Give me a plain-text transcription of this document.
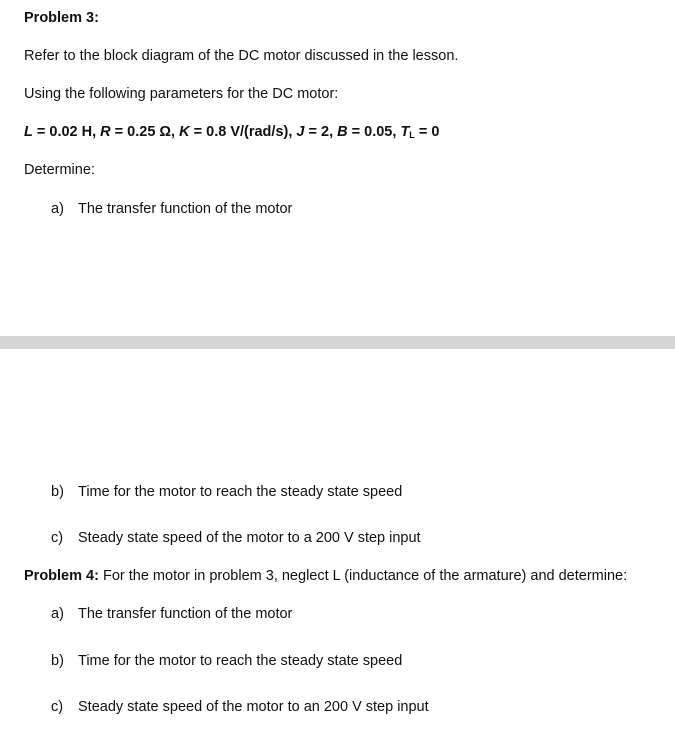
Problem 3:
Refer to the block diagram of the DC motor discussed in the lesson.
Using the following parameters for the DC motor:
L = 0.02 H, R = 0.25 Ω, K = 0.8 V/(rad/s), J = 2, B = 0.05, $T_L = 0$
Determine:
a) The transfer function of the motor
b) Time for the motor to reach the steady state speed
c) Steady state speed of the motor to a 200 V step input
Problem 4: For the motor in problem 3, neglect L (inductance of the armature) and determine:
a) The transfer function of the motor
b) Time for the motor to reach the steady state speed
c) Steady state speed of the motor to an 200 V step input
